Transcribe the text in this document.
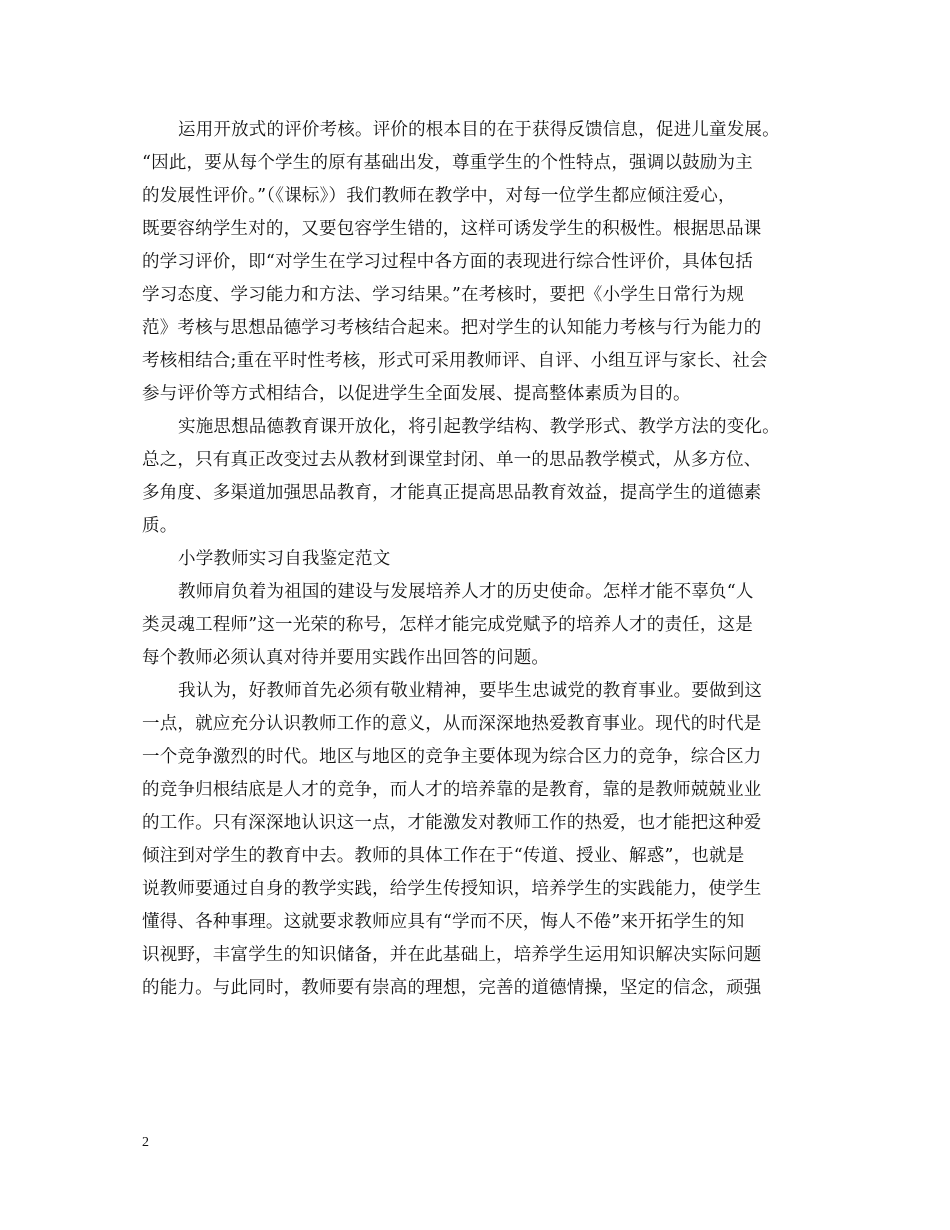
运用开放式的评价考核。评价的根本目的在于获得反馈信息，促进儿童发展。
“因此，要从每个学生的原有基础出发，尊重学生的个性特点，强调以鼓励为主
的发展性评价。”（《课标》）我们教师在教学中，对每一位学生都应倾注爱心，
既要容纳学生对的，又要包容学生错的，这样可诱发学生的积极性。根据思品课
的学习评价，即“对学生在学习过程中各方面的表现进行综合性评价，具体包括
学习态度、学习能力和方法、学习结果。”在考核时，要把《小学生日常行为规
范》考核与思想品德学习考核结合起来。把对学生的认知能力考核与行为能力的
考核相结合;重在平时性考核，形式可采用教师评、自评、小组互评与家长、社会
参与评价等方式相结合，以促进学生全面发展、提高整体素质为目的。

实施思想品德教育课开放化，将引起教学结构、教学形式、教学方法的变化。
总之，只有真正改变过去从教材到课堂封闭、单一的思品教学模式，从多方位、
多角度、多渠道加强思品教育，才能真正提高思品教育效益，提高学生的道德素
质。

小学教师实习自我鉴定范文

教师肩负着为祖国的建设与发展培养人才的历史使命。怎样才能不辜负“人
类灵魂工程师”这一光荣的称号，怎样才能完成党赋予的培养人才的责任，这是
每个教师必须认真对待并要用实践作出回答的问题。

我认为，好教师首先必须有敬业精神，要毕生忠诚党的教育事业。要做到这
一点，就应充分认识教师工作的意义，从而深深地热爱教育事业。现代的时代是
一个竞争激烈的时代。地区与地区的竞争主要体现为综合区力的竞争，综合区力
的竞争归根结底是人才的竞争，而人才的培养靠的是教育，靠的是教师兢兢业业
的工作。只有深深地认识这一点，才能激发对教师工作的热爱，也才能把这种爱
倾注到对学生的教育中去。教师的具体工作在于“传道、授业、解惑”，也就是
说教师要通过自身的教学实践，给学生传授知识，培养学生的实践能力，使学生
懂得、各种事理。这就要求教师应具有“学而不厌，悔人不倦”来开拓学生的知
识视野，丰富学生的知识储备，并在此基础上，培养学生运用知识解决实际问题
的能力。与此同时，教师要有崇高的理想，完善的道德情操，坚定的信念，顽强

2
